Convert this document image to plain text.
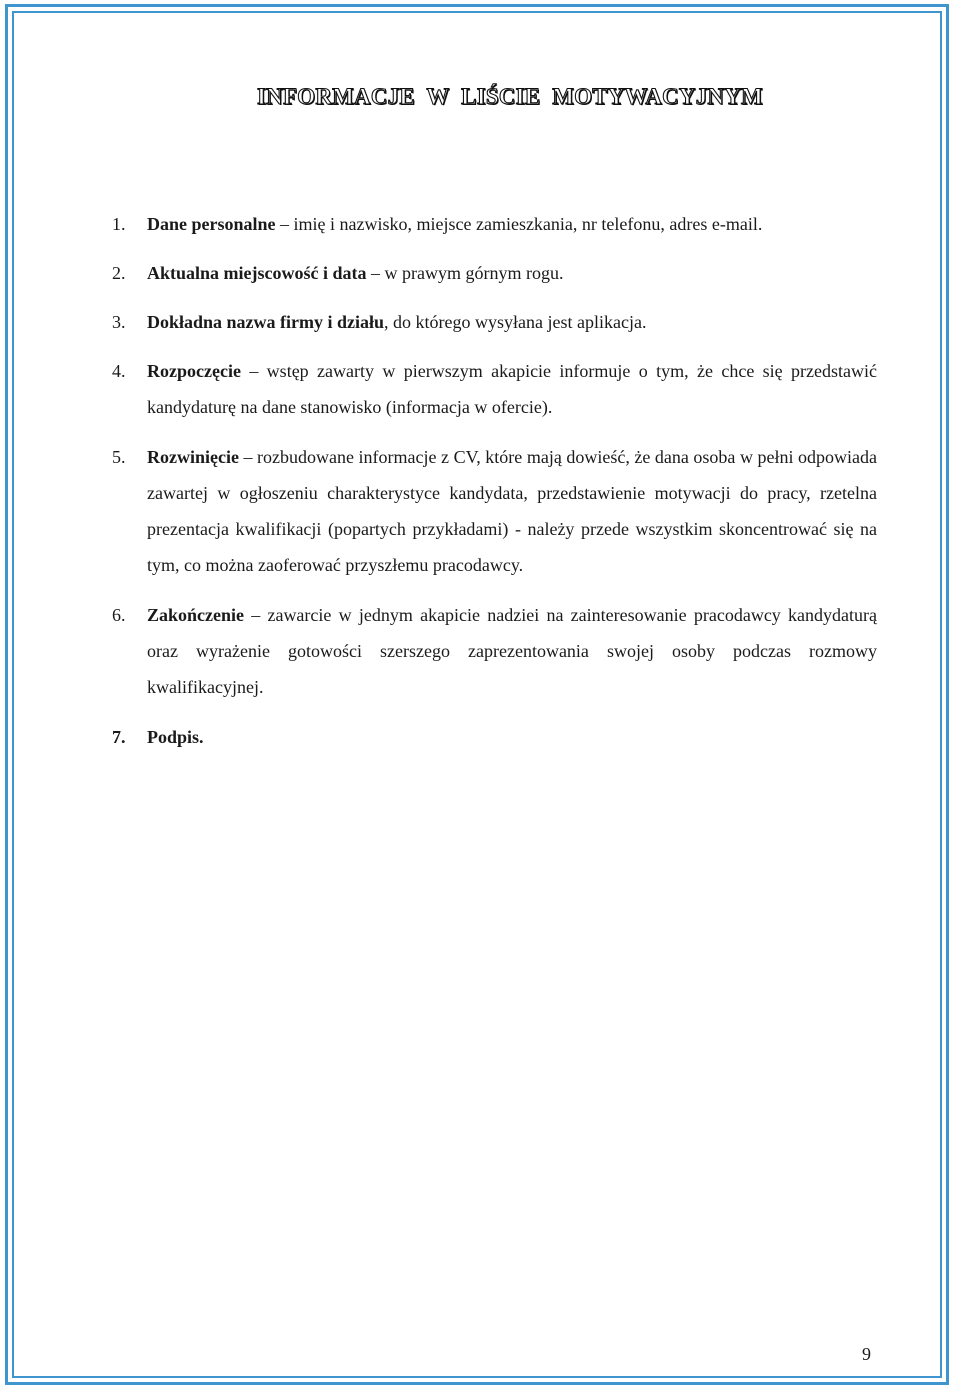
INFORMACJE W LIŚCIE MOTYWACYJNYM
1. Dane personalne – imię i nazwisko, miejsce zamieszkania, nr telefonu, adres e-mail.
2. Aktualna miejscowość i data – w prawym górnym rogu.
3. Dokładna nazwa firmy i działu, do którego wysyłana jest aplikacja.
4. Rozpoczęcie – wstęp zawarty w pierwszym akapicie informuje o tym, że chce się przedstawić kandydaturę na dane stanowisko (informacja w ofercie).
5. Rozwinięcie – rozbudowane informacje z CV, które mają dowieść, że dana osoba w pełni odpowiada zawartej w ogłoszeniu charakterystyce kandydata, przedstawienie motywacji do pracy, rzetelna prezentacja kwalifikacji (popartych przykładami) - należy przede wszystkim skoncentrować się na tym, co można zaoferować przyszłemu pracodawcy.
6. Zakończenie – zawarcie w jednym akapicie nadziei na zainteresowanie pracodawcy kandydaturą oraz wyrażenie gotowości szerszego zaprezentowania swojej osoby podczas rozmowy kwalifikacyjnej.
7. Podpis.
9
